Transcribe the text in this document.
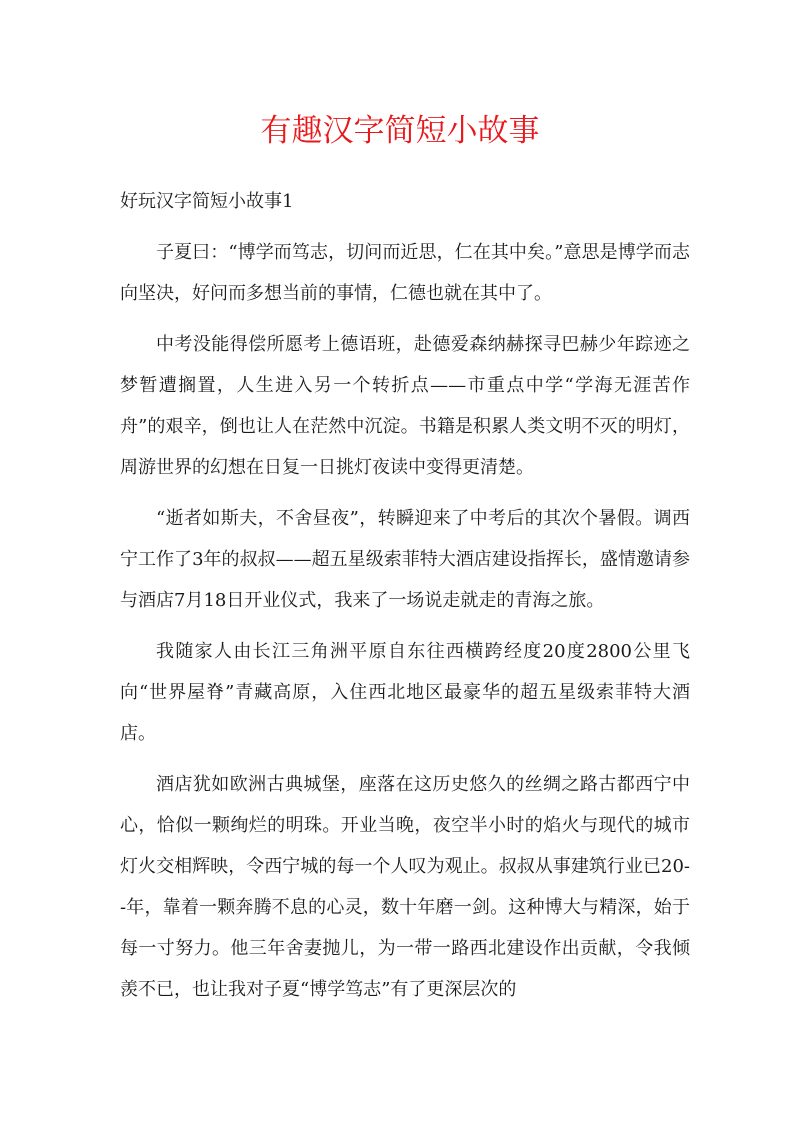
有趣汉字简短小故事

好玩汉字简短小故事1

子夏曰：“博学而笃志，切问而近思，仁在其中矣。”意思是博学而志向坚决，好问而多想当前的事情，仁德也就在其中了。

中考没能得偿所愿考上德语班，赴德爱森纳赫探寻巴赫少年踪迹之梦暂遭搁置，人生进入另一个转折点——市重点中学“学海无涯苦作舟”的艰辛，倒也让人在茫然中沉淀。书籍是积累人类文明不灭的明灯，周游世界的幻想在日复一日挑灯夜读中变得更清楚。

“逝者如斯夫，不舍昼夜”，转瞬迎来了中考后的其次个暑假。调西宁工作了3年的叔叔——超五星级索菲特大酒店建设指挥长，盛情邀请参与酒店7月18日开业仪式，我来了一场说走就走的青海之旅。

我随家人由长江三角洲平原自东往西横跨经度20度2800公里飞向“世界屋脊”青藏高原，入住西北地区最豪华的超五星级索菲特大酒店。

酒店犹如欧洲古典城堡，座落在这历史悠久的丝绸之路古都西宁中心，恰似一颗绚烂的明珠。开业当晚，夜空半小时的焰火与现代的城市灯火交相辉映，令西宁城的每一个人叹为观止。叔叔从事建筑行业已20--年，靠着一颗奔腾不息的心灵，数十年磨一剑。这种博大与精深，始于每一寸努力。他三年舍妻抛儿，为一带一路西北建设作出贡献，令我倾羡不已，也让我对子夏“博学笃志”有了更深层次的
